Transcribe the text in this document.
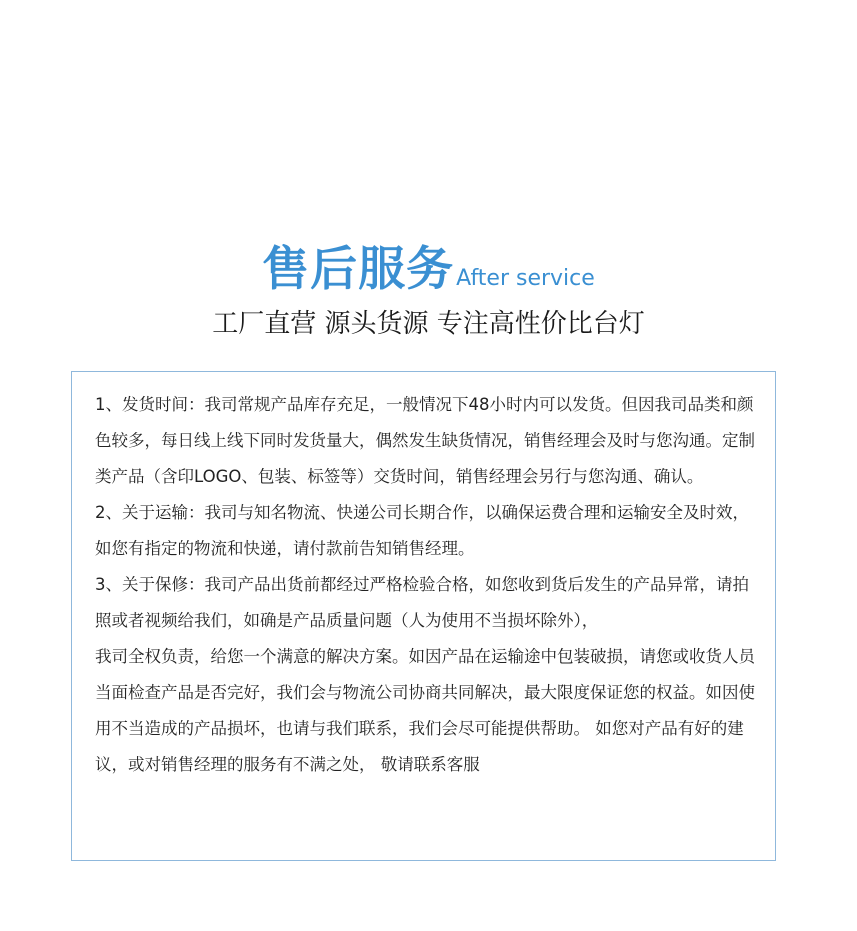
售后服务After service
工厂直营 源头货源 专注高性价比台灯
1、发货时间：我司常规产品库存充足，一般情况下48小时内可以发货。但因我司品类和颜色较多，每日线上线下同时发货量大，偶然发生缺货情况，销售经理会及时与您沟通。定制类产品（含印LOGO、包装、标签等）交货时间，销售经理会另行与您沟通、确认。
2、关于运输：我司与知名物流、快递公司长期合作，以确保运费合理和运输安全及时效，如您有指定的物流和快递，请付款前告知销售经理。
3、关于保修：我司产品出货前都经过严格检验合格，如您收到货后发生的产品异常，请拍照或者视频给我们，如确是产品质量问题（人为使用不当损坏除外），
我司全权负责，给您一个满意的解决方案。如因产品在运输途中包装破损，请您或收货人员当面检查产品是否完好，我们会与物流公司协商共同解决，最大限度保证您的权益。如因使用不当造成的产品损坏，也请与我们联系，我们会尽可能提供帮助。 如您对产品有好的建议，或对销售经理的服务有不满之处， 敬请联系客服
